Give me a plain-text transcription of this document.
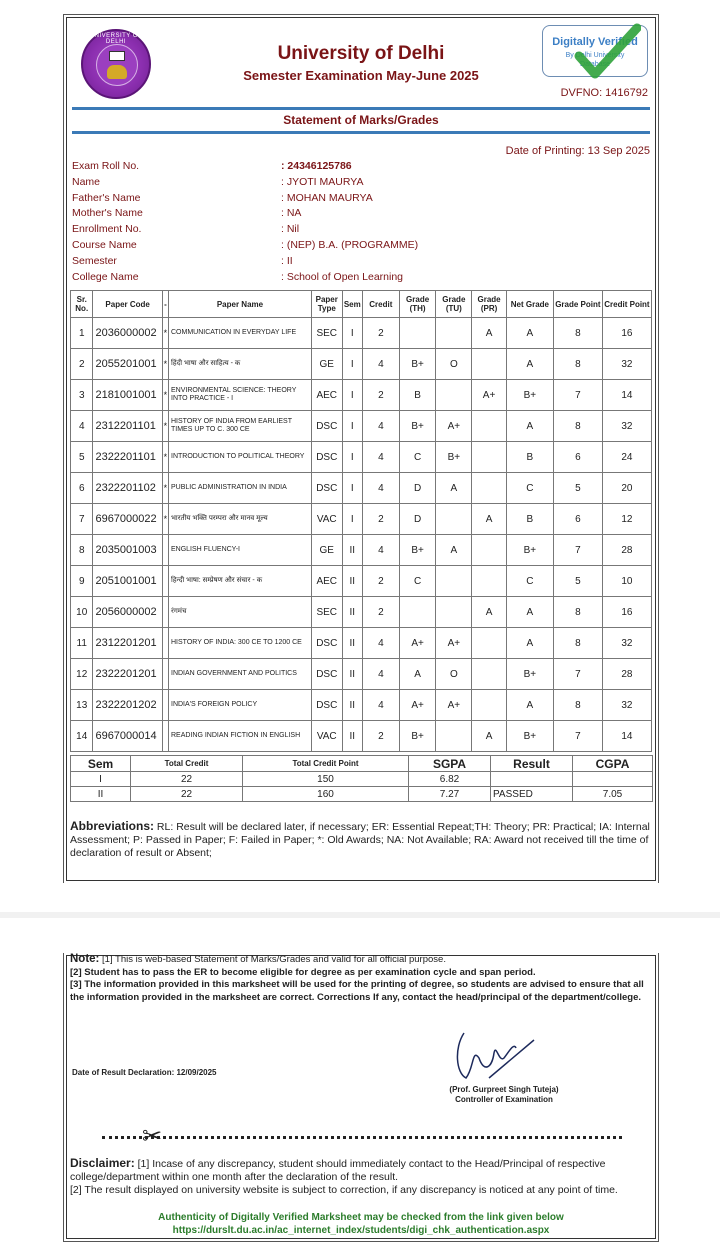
UNIVERSITY OF DELHI
University of Delhi
Semester Examination May-June 2025
Digitally Verified
By Delhi University
Database
DVFNO: 1416792
Statement of Marks/Grades
Date of Printing: 13 Sep 2025
Exam Roll No.	: 24346125786
Name	: JYOTI MAURYA
Father's Name	: MOHAN MAURYA
Mother's Name	: NA
Enrollment No.	: Nil
Course Name	: (NEP) B.A. (PROGRAMME)
Semester	: II
College Name	: School of Open Learning
Sr. No.	Paper Code	-	Paper Name	Paper Type	Sem	Credit	Grade (TH)	Grade (TU)	Grade (PR)	Net Grade	Grade Point	Credit Point
1	2036000002	*	COMMUNICATION IN EVERYDAY LIFE	SEC	I	2			A	A	8	16
2	2055201001	*	हिंदी भाषा और साहित्य - क	GE	I	4	B+	O		A	8	32
3	2181001001	*	ENVIRONMENTAL SCIENCE: THEORY INTO PRACTICE - I	AEC	I	2	B		A+	B+	7	14
4	2312201101	*	HISTORY OF INDIA FROM EARLIEST TIMES UP TO C. 300 CE	DSC	I	4	B+	A+		A	8	32
5	2322201101	*	INTRODUCTION TO POLITICAL THEORY	DSC	I	4	C	B+		B	6	24
6	2322201102	*	PUBLIC ADMINISTRATION IN INDIA	DSC	I	4	D	A		C	5	20
7	6967000022	*	भारतीय भक्ति परम्परा और मानव मूल्य	VAC	I	2	D		A	B	6	12
8	2035001003		ENGLISH FLUENCY-I	GE	II	4	B+	A		B+	7	28
9	2051001001		हिन्दी भाषा: सम्प्रेषण और संचार - क	AEC	II	2	C			C	5	10
10	2056000002		रंगमंच	SEC	II	2			A	A	8	16
11	2312201201		HISTORY OF INDIA: 300 CE TO 1200 CE	DSC	II	4	A+	A+		A	8	32
12	2322201201		INDIAN GOVERNMENT AND POLITICS	DSC	II	4	A	O		B+	7	28
13	2322201202		INDIA'S FOREIGN POLICY	DSC	II	4	A+	A+		A	8	32
14	6967000014		READING INDIAN FICTION IN ENGLISH	VAC	II	2	B+		A	B+	7	14
Sem	Total Credit	Total Credit Point	SGPA	Result	CGPA
I	22	150	6.82		
II	22	160	7.27	PASSED	7.05
Abbreviations: RL: Result will be declared later, if necessary; ER: Essential Repeat;TH: Theory; PR: Practical; IA: Internal Assessment; P: Passed in Paper; F: Failed in Paper; *: Old Awards; NA: Not Available; RA: Award not received till the time of declaration of result or Absent;
Note: [1] This is web-based Statement of Marks/Grades and valid for all official purpose.
[2] Student has to pass the ER to become eligible for degree as per examination cycle and span period.
[3] The information provided in this marksheet will be used for the printing of degree, so students are advised to ensure that all the information provided in the marksheet are correct. Corrections If any, contact the head/principal of the department/college.
Date of Result Declaration: 12/09/2025
(Prof. Gurpreet Singh Tuteja)
Controller of Examination
✂
Disclaimer: [1] Incase of any discrepancy, student should immediately contact to the Head/Principal of respective college/department within one month after the declaration of the result.
[2] The result displayed on university website is subject to correction, if any discrepancy is noticed at any point of time.
Authenticity of Digitally Verified Marksheet may be checked from the link given below
https://durslt.du.ac.in/ac_internet_index/students/digi_chk_authentication.aspx
